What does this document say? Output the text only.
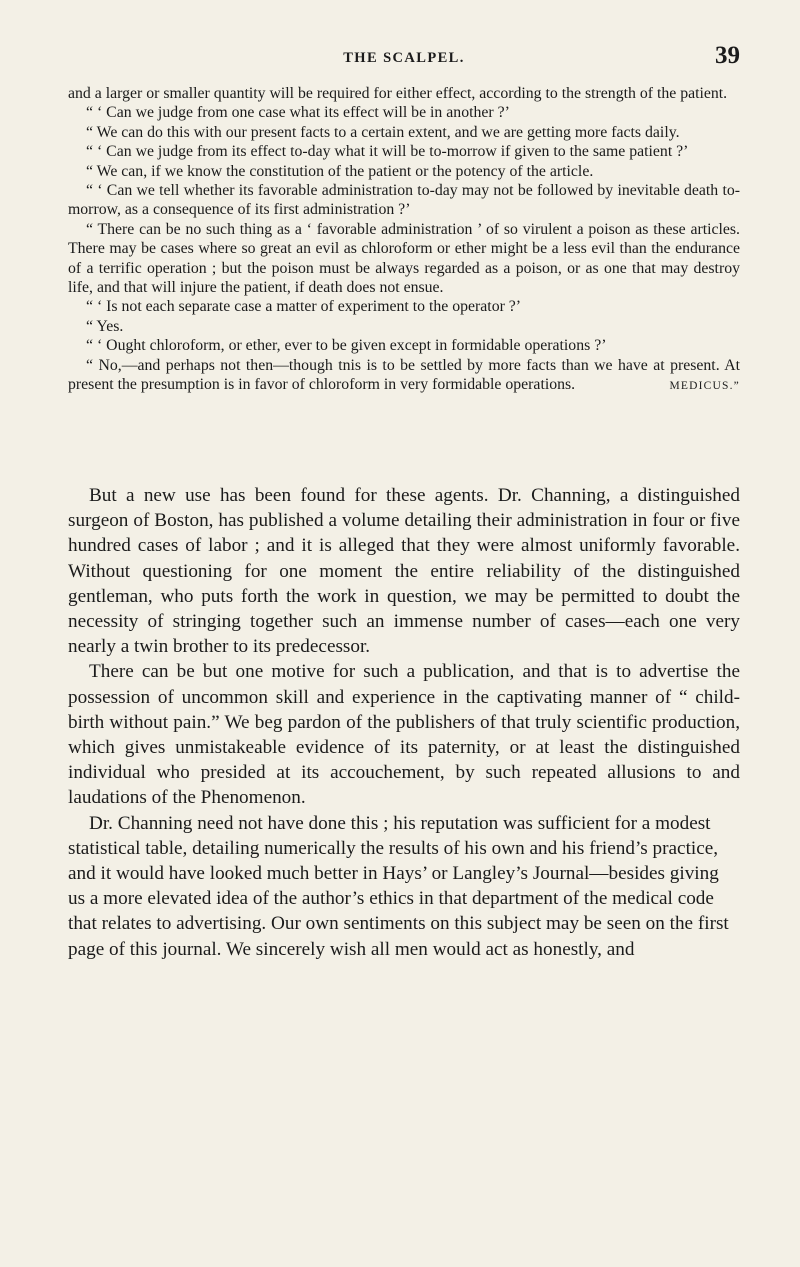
THE SCALPEL.	39

and a larger or smaller quantity will be required for either effect, according to the strength of the patient.

“ ‘ Can we judge from one case what its effect will be in another ?’

“ We can do this with our present facts to a certain extent, and we are getting more facts daily.

“ ‘ Can we judge from its effect to-day what it will be to-morrow if given to the same patient ?’

“ We can, if we know the constitution of the patient or the potency of the article.

“ ‘ Can we tell whether its favorable administration to-day may not be followed by inevitable death to-morrow, as a consequence of its first administration ?’

“ There can be no such thing as a ‘ favorable administration ’ of so virulent a poison as these articles. There may be cases where so great an evil as chloroform or ether might be a less evil than the endurance of a terrific operation ; but the poison must be always regarded as a poison, or as one that may destroy life, and that will injure the patient, if death does not ensue.

“ ‘ Is not each separate case a matter of experiment to the operator ?’

“ Yes.

“ ‘ Ought chloroform, or ether, ever to be given except in formidable operations ?’

“ No,—and perhaps not then—though tnis is to be settled by more facts than we have at present. At present the presumption is in favor of chloroform in very formidable operations.	MEDICUS.”

But a new use has been found for these agents. Dr. Channing, a distinguished surgeon of Boston, has published a volume detailing their administration in four or five hundred cases of labor ; and it is alleged that they were almost uniformly favorable. Without questioning for one moment the entire reliability of the distinguished gentleman, who puts forth the work in question, we may be permitted to doubt the necessity of stringing together such an immense number of cases—each one very nearly a twin brother to its predecessor.

There can be but one motive for such a publication, and that is to advertise the possession of uncommon skill and experience in the captivating manner of “ child-birth without pain.” We beg pardon of the publishers of that truly scientific production, which gives unmistakeable evidence of its paternity, or at least the distinguished individual who presided at its accouchement, by such repeated allusions to and laudations of the Phenomenon.

Dr. Channing need not have done this ; his reputation was sufficient for a modest statistical table, detailing numerically the results of his own and his friend’s practice, and it would have looked much better in Hays’ or Langley’s Journal—besides giving us a more elevated idea of the author’s ethics in that department of the medical code that relates to advertising. Our own sentiments on this subject may be seen on the first page of this journal. We sincerely wish all men would act as honestly, and
